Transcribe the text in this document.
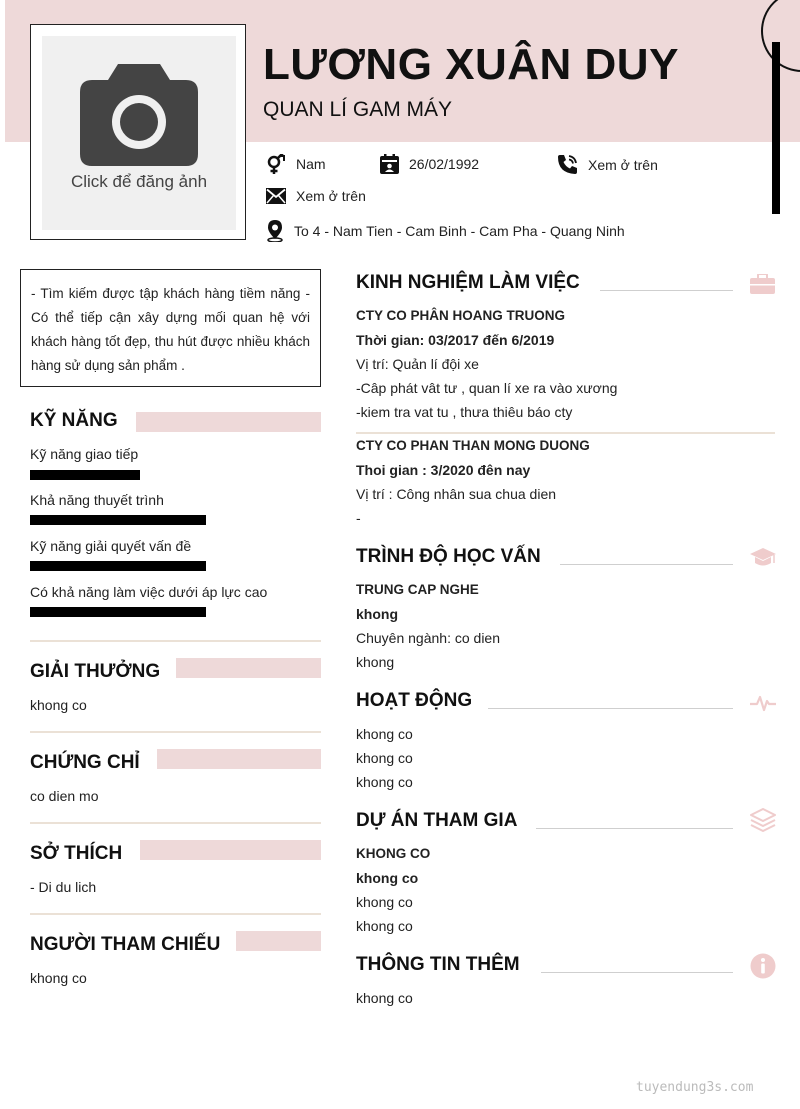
Click để đăng ảnh
LƯƠNG XUÂN DUY
QUAN LÍ GAM MÁY
Nam	26/02/1992	Xem ở trên
Xem ở trên
To 4 - Nam Tien - Cam Binh - Cam Pha - Quang Ninh
- Tìm kiếm được tập khách hàng tiềm năng - Có thể tiếp cận xây dựng mối quan hệ với khách hàng tốt đẹp, thu hút được nhiều khách hàng sử dụng sản phẩm .
KỸ NĂNG
Kỹ năng giao tiếp
Khả năng thuyết trình
Kỹ năng giải quyết vấn đề
Có khả năng làm việc dưới áp lực cao
GIẢI THƯỞNG
khong co
CHỨNG CHỈ
co dien mo
SỞ THÍCH
- Di du lich
NGƯỜI THAM CHIẾU
khong co
KINH NGHIỆM LÀM VIỆC
CTY CO PHÂN HOANG TRUONG
Thời gian: 03/2017 đến 6/2019
Vị trí: Quản lí đội xe
-Câp phát vât tư , quan lí xe ra vào xương
-kiem tra vat tu , thưa thiêu báo cty
CTY CO PHAN THAN MONG DUONG
Thoi gian : 3/2020 đên nay
Vị trí : Công nhân sua chua dien
-
TRÌNH ĐỘ HỌC VẤN
TRUNG CAP NGHE
khong
Chuyên ngành: co dien
khong
HOẠT ĐỘNG
khong co
khong co
khong co
DỰ ÁN THAM GIA
KHONG CO
khong co
khong co
khong co
THÔNG TIN THÊM
khong co
tuyendung3s.com
